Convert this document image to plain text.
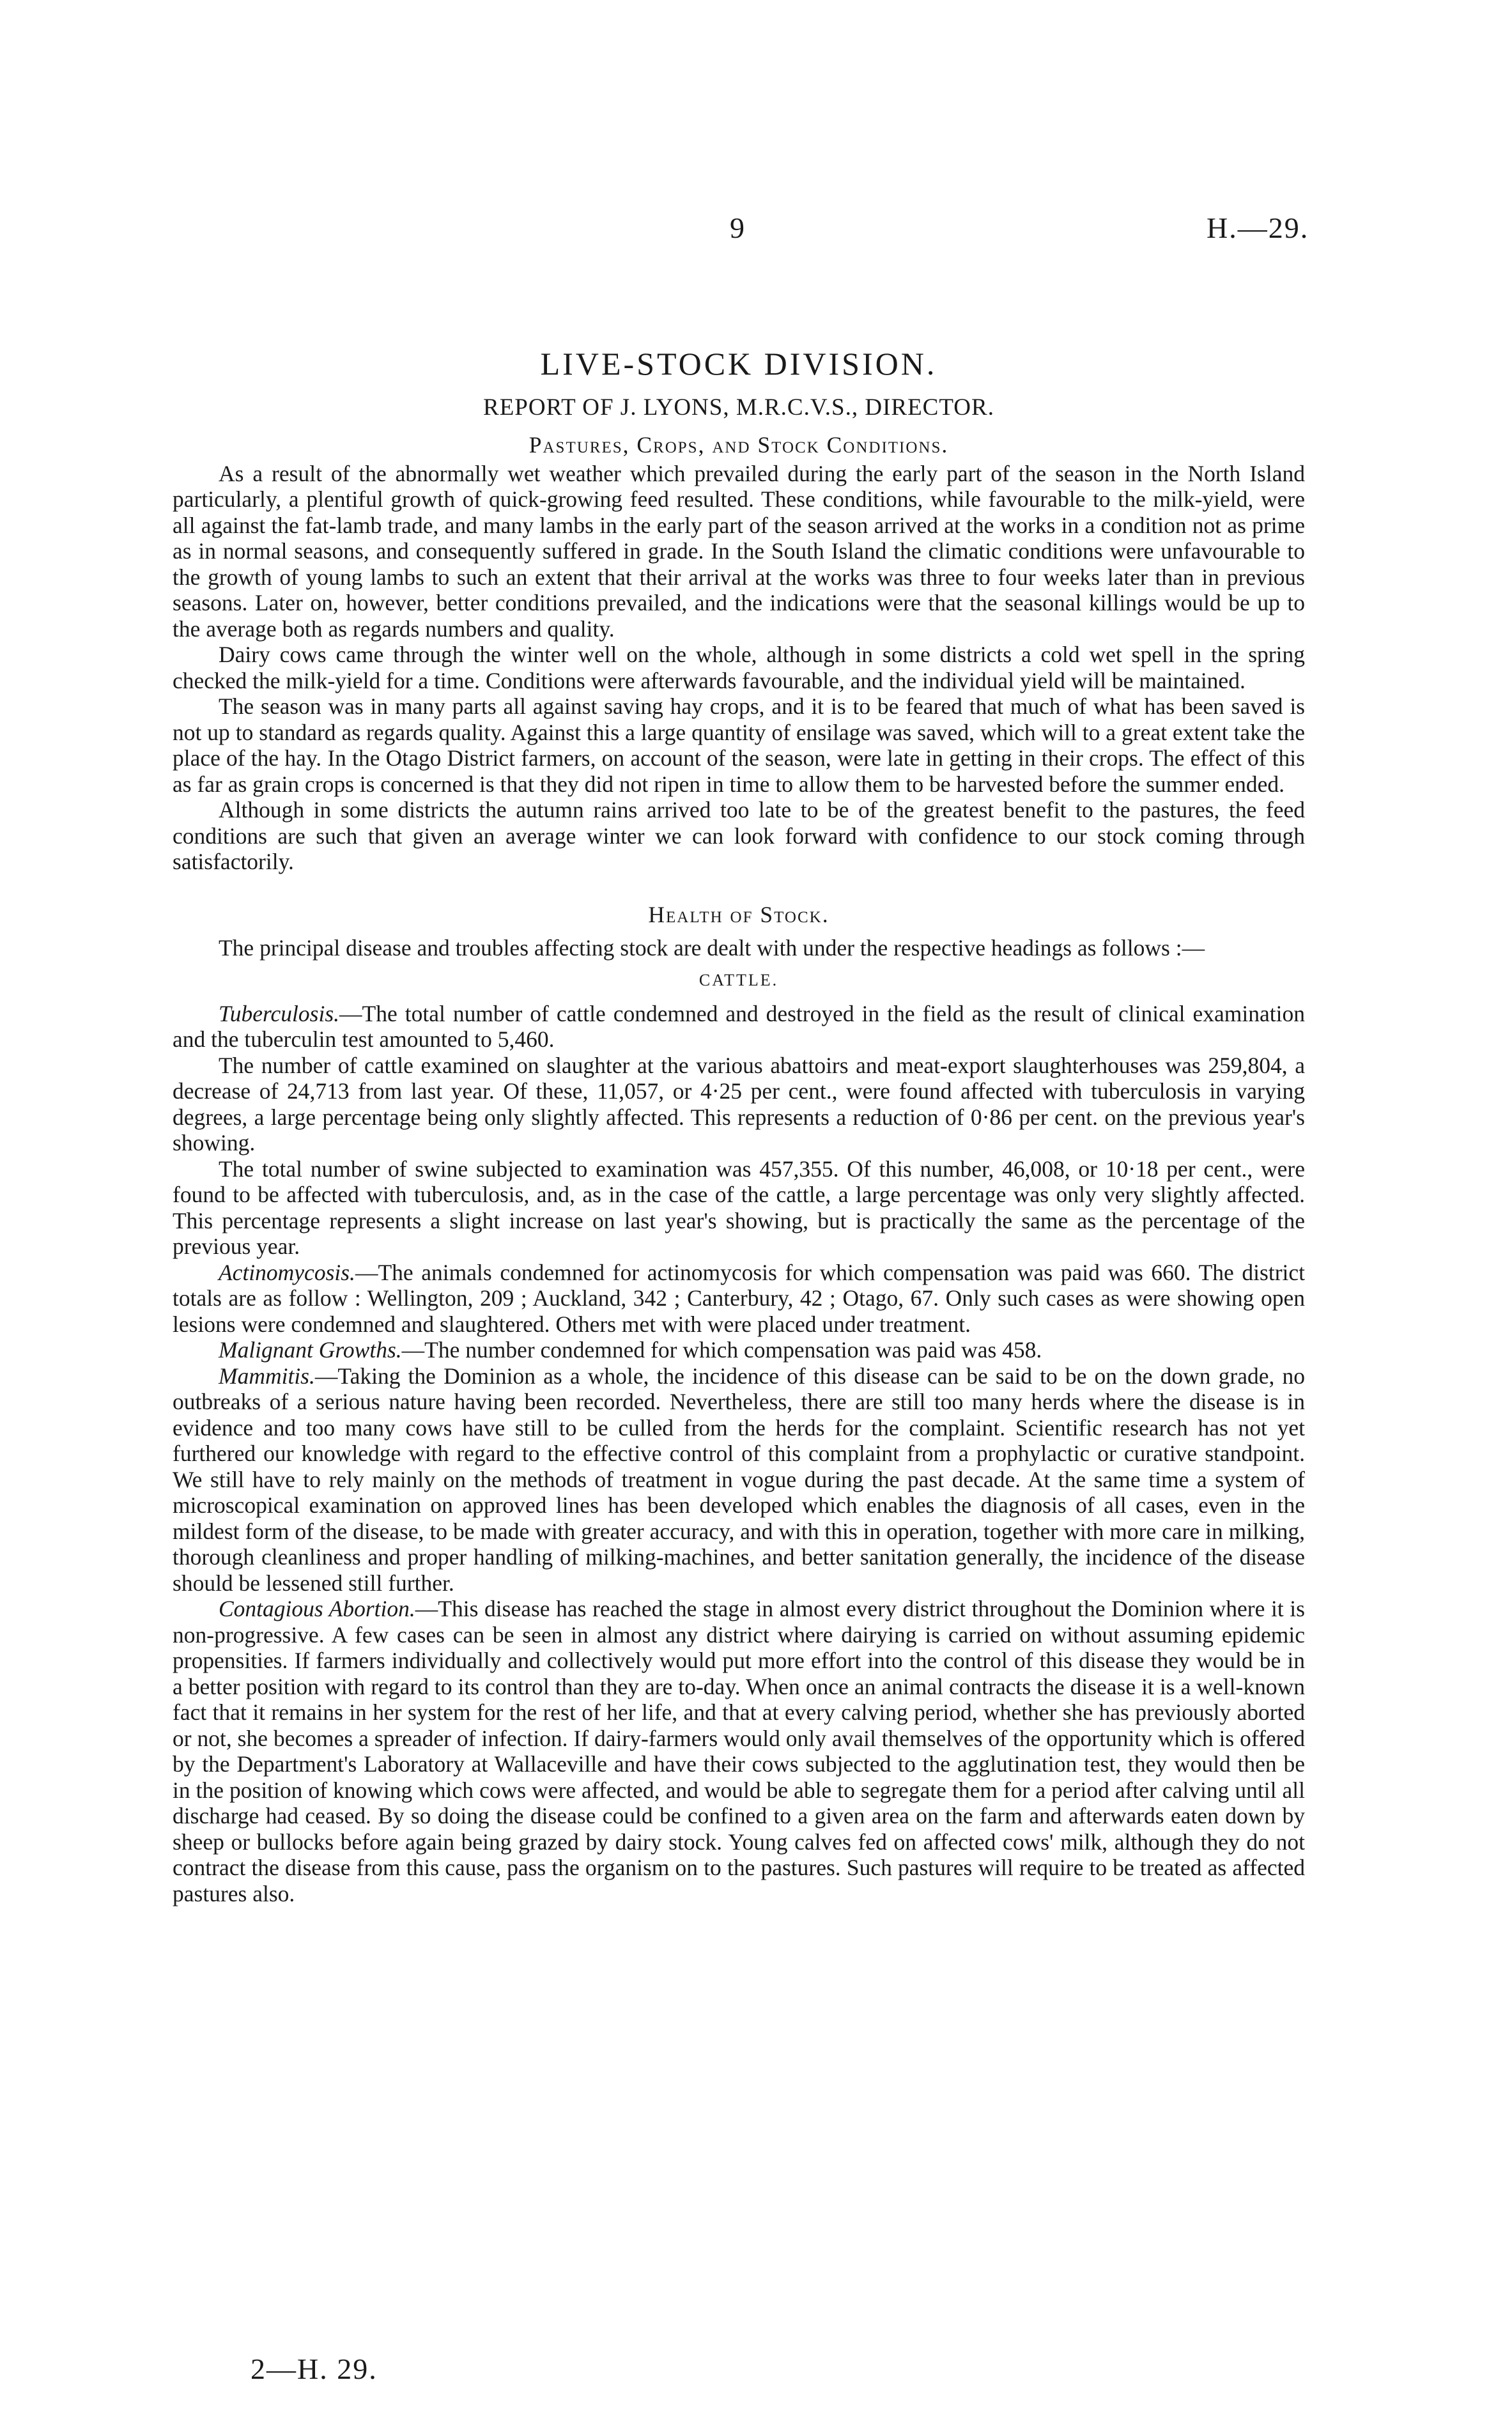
9	H.—29.
LIVE-STOCK DIVISION.
REPORT OF J. LYONS, M.R.C.V.S., DIRECTOR.
Pastures, Crops, and Stock Conditions.

As a result of the abnormally wet weather which prevailed during the early part of the season in the North Island particularly, a plentiful growth of quick-growing feed resulted. These conditions, while favourable to the milk-yield, were all against the fat-lamb trade, and many lambs in the early part of the season arrived at the works in a condition not as prime as in normal seasons, and consequently suffered in grade. In the South Island the climatic conditions were unfavourable to the growth of young lambs to such an extent that their arrival at the works was three to four weeks later than in previous seasons. Later on, however, better conditions prevailed, and the indications were that the seasonal killings would be up to the average both as regards numbers and quality.

Dairy cows came through the winter well on the whole, although in some districts a cold wet spell in the spring checked the milk-yield for a time. Conditions were afterwards favourable, and the individual yield will be maintained.

The season was in many parts all against saving hay crops, and it is to be feared that much of what has been saved is not up to standard as regards quality. Against this a large quantity of ensilage was saved, which will to a great extent take the place of the hay. In the Otago District farmers, on account of the season, were late in getting in their crops. The effect of this as far as grain crops is concerned is that they did not ripen in time to allow them to be harvested before the summer ended.

Although in some districts the autumn rains arrived too late to be of the greatest benefit to the pastures, the feed conditions are such that given an average winter we can look forward with confidence to our stock coming through satisfactorily.

Health of Stock.

The principal disease and troubles affecting stock are dealt with under the respective headings as follows :—

CATTLE.

Tuberculosis.—The total number of cattle condemned and destroyed in the field as the result of clinical examination and the tuberculin test amounted to 5,460.

The number of cattle examined on slaughter at the various abattoirs and meat-export slaughterhouses was 259,804, a decrease of 24,713 from last year. Of these, 11,057, or 4·25 per cent., were found affected with tuberculosis in varying degrees, a large percentage being only slightly affected. This represents a reduction of 0·86 per cent. on the previous year's showing.

The total number of swine subjected to examination was 457,355. Of this number, 46,008, or 10·18 per cent., were found to be affected with tuberculosis, and, as in the case of the cattle, a large percentage was only very slightly affected. This percentage represents a slight increase on last year's showing, but is practically the same as the percentage of the previous year.

Actinomycosis.—The animals condemned for actinomycosis for which compensation was paid was 660. The district totals are as follow : Wellington, 209 ; Auckland, 342 ; Canterbury, 42 ; Otago, 67. Only such cases as were showing open lesions were condemned and slaughtered. Others met with were placed under treatment.

Malignant Growths.—The number condemned for which compensation was paid was 458.

Mammitis.—Taking the Dominion as a whole, the incidence of this disease can be said to be on the down grade, no outbreaks of a serious nature having been recorded. Nevertheless, there are still too many herds where the disease is in evidence and too many cows have still to be culled from the herds for the complaint. Scientific research has not yet furthered our knowledge with regard to the effective control of this complaint from a prophylactic or curative standpoint. We still have to rely mainly on the methods of treatment in vogue during the past decade. At the same time a system of microscopical examination on approved lines has been developed which enables the diagnosis of all cases, even in the mildest form of the disease, to be made with greater accuracy, and with this in operation, together with more care in milking, thorough cleanliness and proper handling of milking-machines, and better sanitation generally, the incidence of the disease should be lessened still further.

Contagious Abortion.—This disease has reached the stage in almost every district throughout the Dominion where it is non-progressive. A few cases can be seen in almost any district where dairying is carried on without assuming epidemic propensities. If farmers individually and collectively would put more effort into the control of this disease they would be in a better position with regard to its control than they are to-day. When once an animal contracts the disease it is a well-known fact that it remains in her system for the rest of her life, and that at every calving period, whether she has previously aborted or not, she becomes a spreader of infection. If dairy-farmers would only avail themselves of the opportunity which is offered by the Department's Laboratory at Wallaceville and have their cows subjected to the agglutination test, they would then be in the position of knowing which cows were affected, and would be able to segregate them for a period after calving until all discharge had ceased. By so doing the disease could be confined to a given area on the farm and afterwards eaten down by sheep or bullocks before again being grazed by dairy stock. Young calves fed on affected cows' milk, although they do not contract the disease from this cause, pass the organism on to the pastures. Such pastures will require to be treated as affected pastures also.

2—H. 29.
